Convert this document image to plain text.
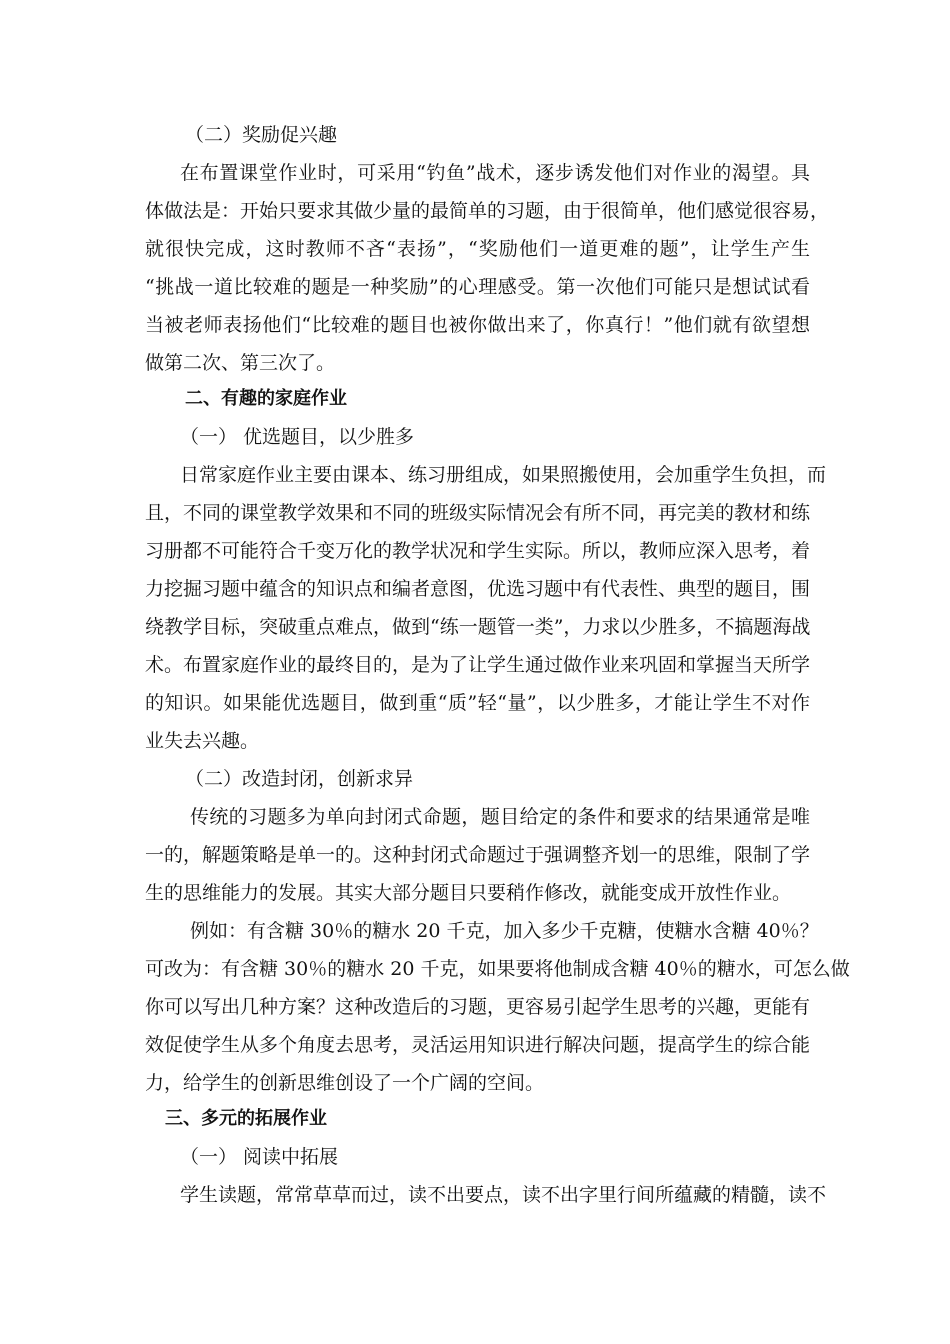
（二）奖励促兴趣
在布置课堂作业时，可采用“钓鱼”战术，逐步诱发他们对作业的渴望。具
体做法是：开始只要求其做少量的最简单的习题，由于很简单，他们感觉很容易，
就很快完成，这时教师不吝“表扬”，“奖励他们一道更难的题”，让学生产生
“挑战一道比较难的题是一种奖励”的心理感受。第一次他们可能只是想试试看
当被老师表扬他们“比较难的题目也被你做出来了，你真行！”他们就有欲望想
做第二次、第三次了。
二、有趣的家庭作业
（一） 优选题目，以少胜多
日常家庭作业主要由课本、练习册组成，如果照搬使用，会加重学生负担，而
且，不同的课堂教学效果和不同的班级实际情况会有所不同，再完美的教材和练
习册都不可能符合千变万化的教学状况和学生实际。所以，教师应深入思考，着
力挖掘习题中蕴含的知识点和编者意图，优选习题中有代表性、典型的题目，围
绕教学目标，突破重点难点，做到“练一题管一类”，力求以少胜多，不搞题海战
术。布置家庭作业的最终目的，是为了让学生通过做作业来巩固和掌握当天所学
的知识。如果能优选题目，做到重“质”轻“量”，以少胜多，才能让学生不对作
业失去兴趣。
（二）改造封闭，创新求异
传统的习题多为单向封闭式命题，题目给定的条件和要求的结果通常是唯
一的，解题策略是单一的。这种封闭式命题过于强调整齐划一的思维，限制了学
生的思维能力的发展。其实大部分题目只要稍作修改，就能变成开放性作业。
例如：有含糖 30％的糖水 20 千克，加入多少千克糖，使糖水含糖 40％？
可改为：有含糖 30％的糖水 20 千克，如果要将他制成含糖 40％的糖水，可怎么做
你可以写出几种方案？这种改造后的习题，更容易引起学生思考的兴趣，更能有
效促使学生从多个角度去思考，灵活运用知识进行解决问题，提高学生的综合能
力，给学生的创新思维创设了一个广阔的空间。
三、多元的拓展作业
（一） 阅读中拓展
学生读题，常常草草而过，读不出要点，读不出字里行间所蕴藏的精髓，读不
